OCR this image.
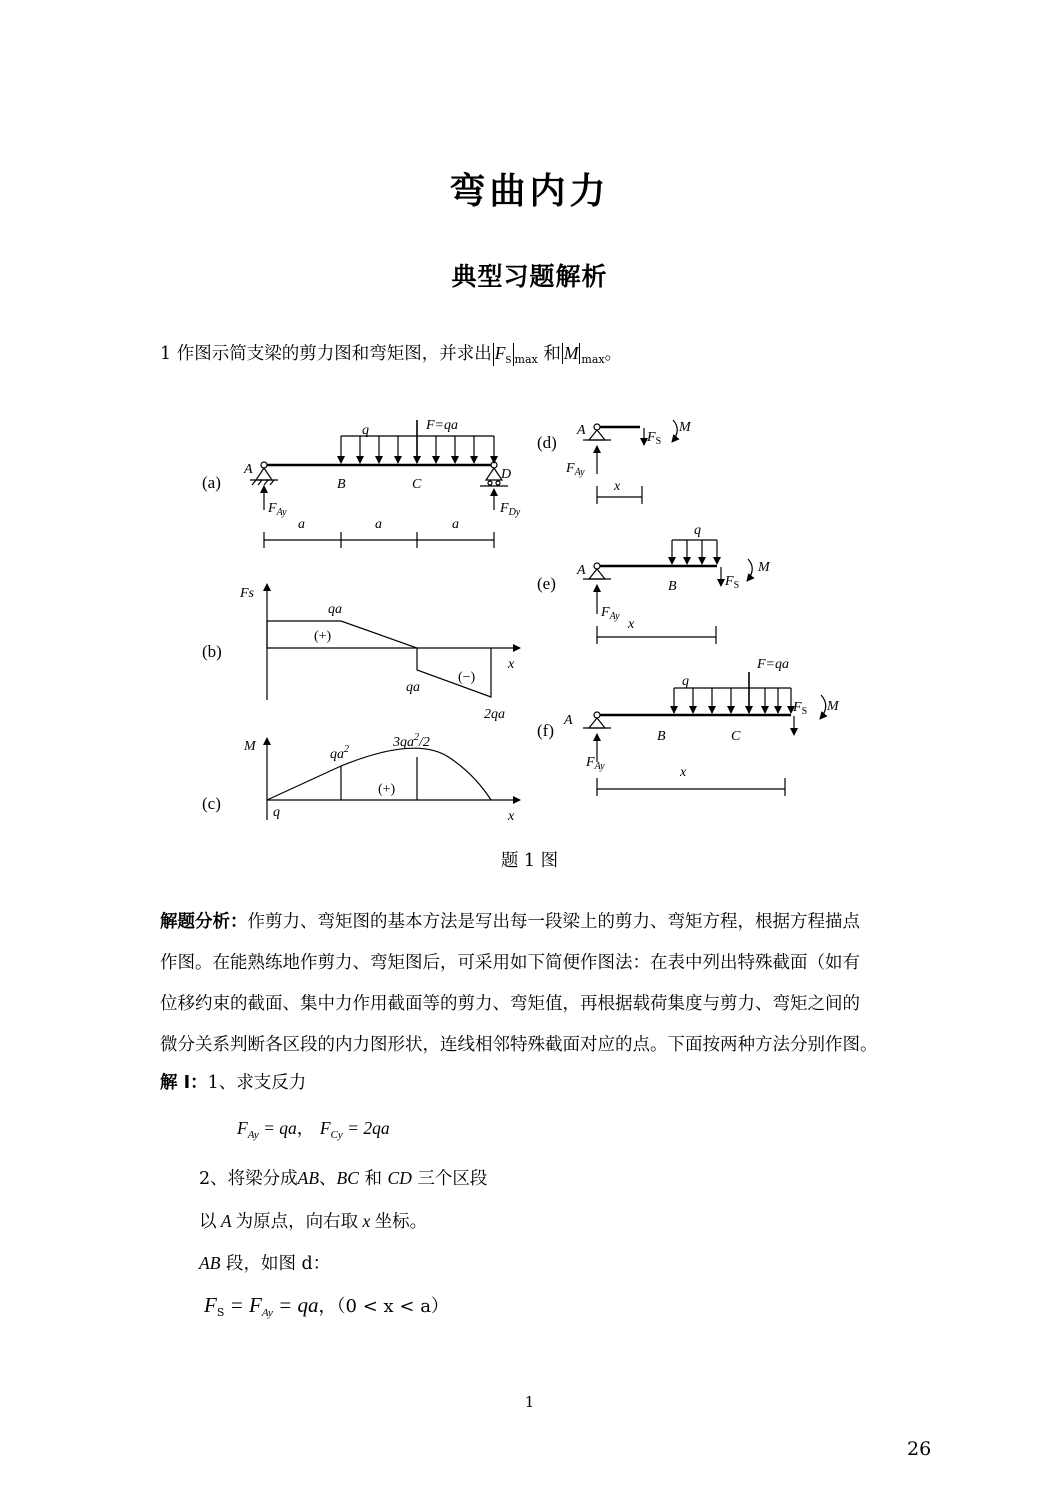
弯曲内力
典型习题解析
1 作图示简支梁的剪力图和弯矩图，并求出 $F_S$ $_{max}$ 和 M $_{max}$。
(a)
q	F=qa
A
B	C
D
$F_{Ay}$	$F_{Dy}$
a	a	a
(b)
Fs
qa
(+)
qa
(−)
2qa
x
(c)
M
$qa^2$	$3qa^2/2$
(+)
q	x
(d)
A	$F_S$
M
$F_{Ay}$
x
(e)
q
A
B	$F_S$
M
$F_{Ay}$
x
(f)
F=qa
q
A
B	C
$F_S$ M
$F_{Ay}$	x
题 1 图
解题分析：作剪力、弯矩图的基本方法是写出每一段梁上的剪力、弯矩方程，根据方程描点
作图。在能熟练地作剪力、弯矩图后，可采用如下简便作图法：在表中列出特殊截面（如有
位移约束的截面、集中力作用截面等的剪力、弯矩值，再根据载荷集度与剪力、弯矩之间的
微分关系判断各区段的内力图形状，连线相邻特殊截面对应的点。下面按两种方法分别作图。
解 I：1、求支反力
$F_{Ay}$ = qa， $F_{Cy} = 2qa$
2、将梁分成AB、BC 和 CD 三个区段
以 A 为原点，向右取 x 坐标。
AB 段，如图 d：
$F_S = F_{Ay}$ = qa，（0 < x < a）
1
26
